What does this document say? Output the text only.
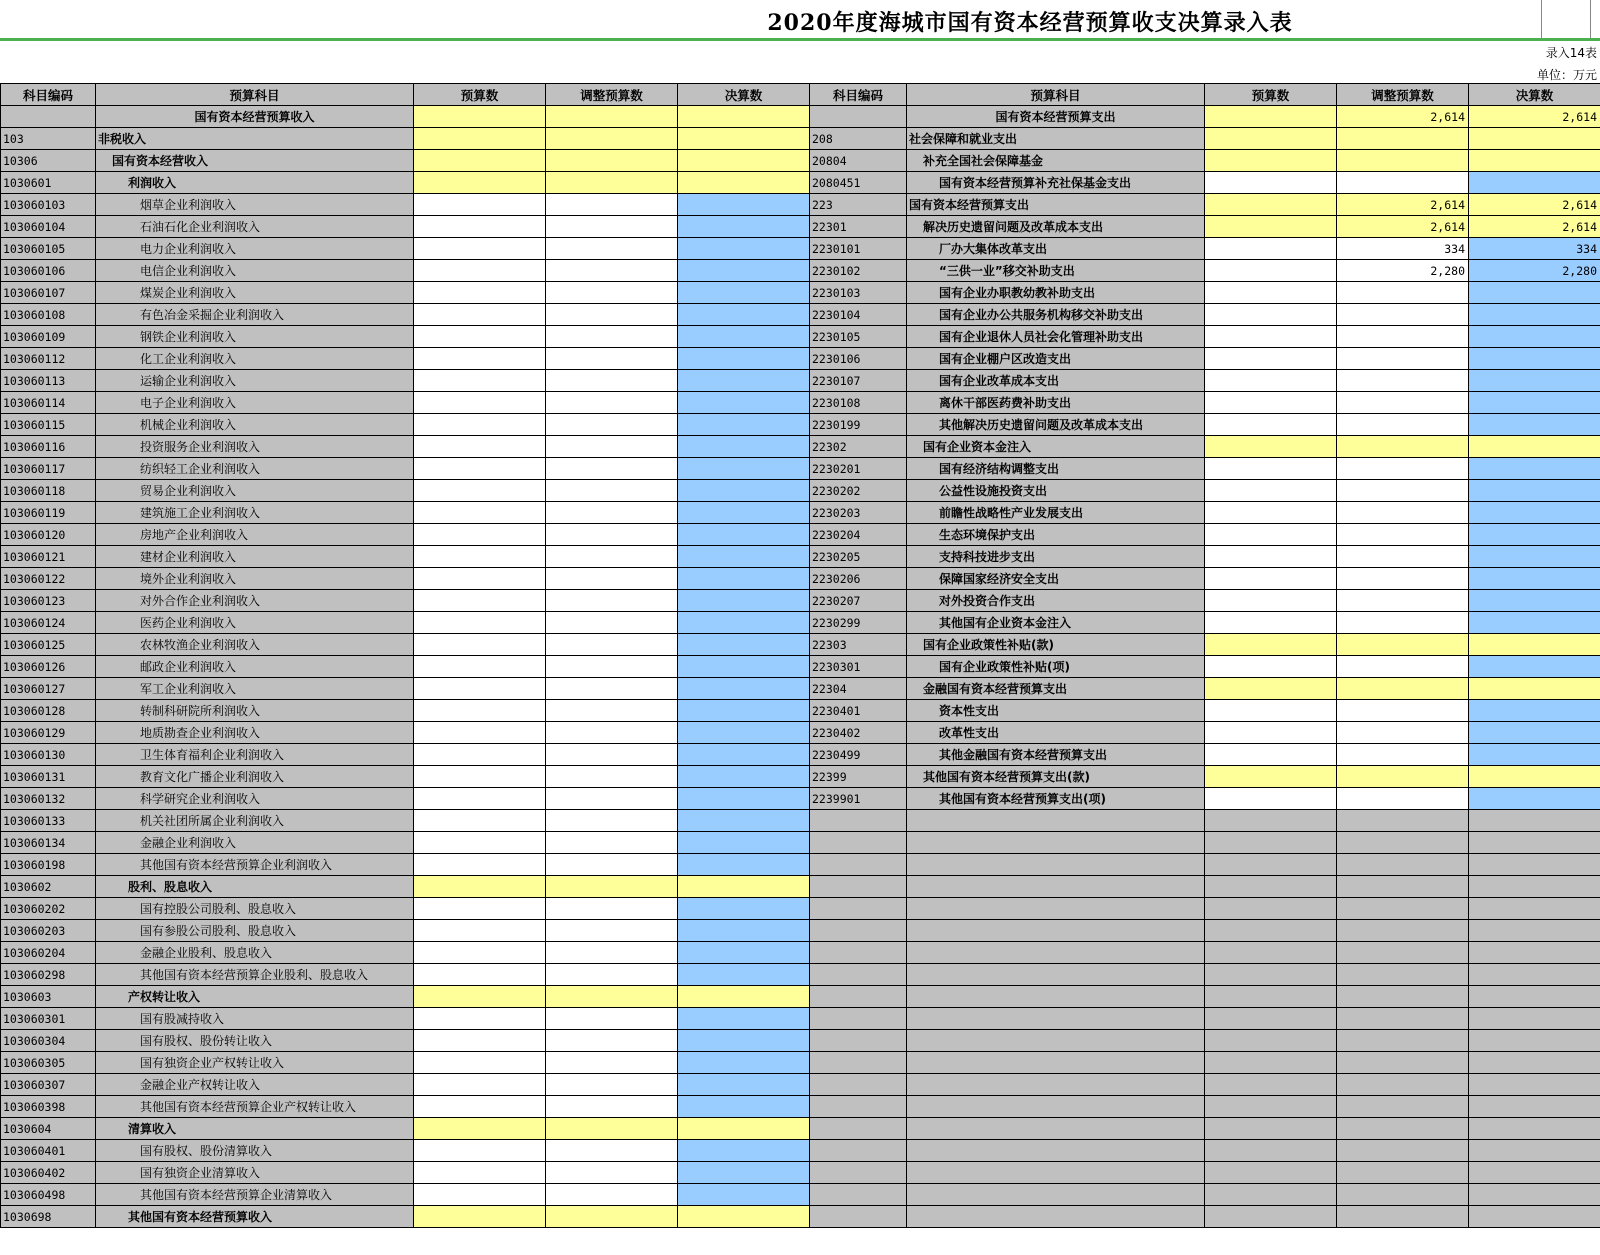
2020年度海城市国有资本经营预算收支决算录入表
录入14表
单位：万元
科目编码	预算科目	预算数	调整预算数	决算数	科目编码	预算科目	预算数	调整预算数	决算数
	国有资本经营预算收入					国有资本经营预算支出		2,614	2,614
103	非税收入				208	社会保障和就业支出			
10306	国有资本经营收入				20804	补充全国社会保障基金			
1030601	利润收入				2080451	国有资本经营预算补充社保基金支出			
103060103	烟草企业利润收入				223	国有资本经营预算支出		2,614	2,614
103060104	石油石化企业利润收入				22301	解决历史遗留问题及改革成本支出		2,614	2,614
103060105	电力企业利润收入				2230101	厂办大集体改革支出		334	334
103060106	电信企业利润收入				2230102	“三供一业”移交补助支出		2,280	2,280
103060107	煤炭企业利润收入				2230103	国有企业办职教幼教补助支出			
103060108	有色冶金采掘企业利润收入				2230104	国有企业办公共服务机构移交补助支出			
103060109	钢铁企业利润收入				2230105	国有企业退休人员社会化管理补助支出			
103060112	化工企业利润收入				2230106	国有企业棚户区改造支出			
103060113	运输企业利润收入				2230107	国有企业改革成本支出			
103060114	电子企业利润收入				2230108	离休干部医药费补助支出			
103060115	机械企业利润收入				2230199	其他解决历史遗留问题及改革成本支出			
103060116	投资服务企业利润收入				22302	国有企业资本金注入			
103060117	纺织轻工企业利润收入				2230201	国有经济结构调整支出			
103060118	贸易企业利润收入				2230202	公益性设施投资支出			
103060119	建筑施工企业利润收入				2230203	前瞻性战略性产业发展支出			
103060120	房地产企业利润收入				2230204	生态环境保护支出			
103060121	建材企业利润收入				2230205	支持科技进步支出			
103060122	境外企业利润收入				2230206	保障国家经济安全支出			
103060123	对外合作企业利润收入				2230207	对外投资合作支出			
103060124	医药企业利润收入				2230299	其他国有企业资本金注入			
103060125	农林牧渔企业利润收入				22303	国有企业政策性补贴(款)			
103060126	邮政企业利润收入				2230301	国有企业政策性补贴(项)			
103060127	军工企业利润收入				22304	金融国有资本经营预算支出			
103060128	转制科研院所利润收入				2230401	资本性支出			
103060129	地质勘查企业利润收入				2230402	改革性支出			
103060130	卫生体育福利企业利润收入				2230499	其他金融国有资本经营预算支出			
103060131	教育文化广播企业利润收入				22399	其他国有资本经营预算支出(款)			
103060132	科学研究企业利润收入				2239901	其他国有资本经营预算支出(项)			
103060133	机关社团所属企业利润收入								
103060134	金融企业利润收入								
103060198	其他国有资本经营预算企业利润收入								
1030602	股利、股息收入								
103060202	国有控股公司股利、股息收入								
103060203	国有参股公司股利、股息收入								
103060204	金融企业股利、股息收入								
103060298	其他国有资本经营预算企业股利、股息收入								
1030603	产权转让收入								
103060301	国有股减持收入								
103060304	国有股权、股份转让收入								
103060305	国有独资企业产权转让收入								
103060307	金融企业产权转让收入								
103060398	其他国有资本经营预算企业产权转让收入								
1030604	清算收入								
103060401	国有股权、股份清算收入								
103060402	国有独资企业清算收入								
103060498	其他国有资本经营预算企业清算收入								
1030698	其他国有资本经营预算收入								
